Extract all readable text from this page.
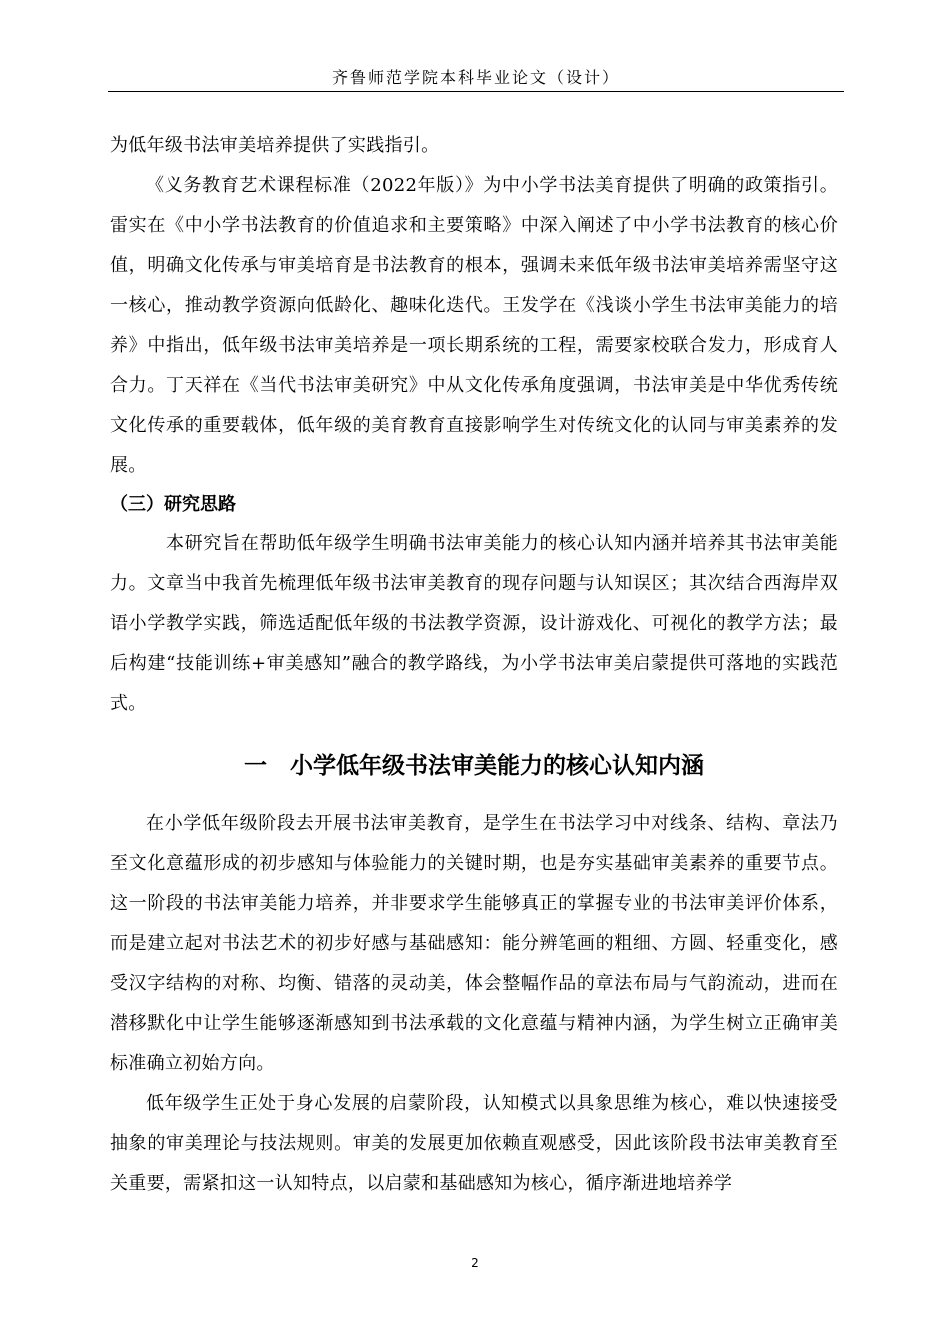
齐鲁师范学院本科毕业论文（设计）

为低年级书法审美培养提供了实践指引。

《义务教育艺术课程标准（2022年版）》为中小学书法美育提供了明确的政策指引。雷实在《中小学书法教育的价值追求和主要策略》中深入阐述了中小学书法教育的核心价值，明确文化传承与审美培育是书法教育的根本，强调未来低年级书法审美培养需坚守这一核心，推动教学资源向低龄化、趣味化迭代。王发学在《浅谈小学生书法审美能力的培养》中指出，低年级书法审美培养是一项长期系统的工程，需要家校联合发力，形成育人合力。丁天祥在《当代书法审美研究》中从文化传承角度强调，书法审美是中华优秀传统文化传承的重要载体，低年级的美育教育直接影响学生对传统文化的认同与审美素养的发展。

（三）研究思路

本研究旨在帮助低年级学生明确书法审美能力的核心认知内涵并培养其书法审美能力。文章当中我首先梳理低年级书法审美教育的现存问题与认知误区；其次结合西海岸双语小学教学实践，筛选适配低年级的书法教学资源，设计游戏化、可视化的教学方法；最后构建“技能训练+审美感知”融合的教学路线，为小学书法审美启蒙提供可落地的实践范式。

一　小学低年级书法审美能力的核心认知内涵

在小学低年级阶段去开展书法审美教育，是学生在书法学习中对线条、结构、章法乃至文化意蕴形成的初步感知与体验能力的关键时期，也是夯实基础审美素养的重要节点。这一阶段的书法审美能力培养，并非要求学生能够真正的掌握专业的书法审美评价体系，而是建立起对书法艺术的初步好感与基础感知：能分辨笔画的粗细、方圆、轻重变化，感受汉字结构的对称、均衡、错落的灵动美，体会整幅作品的章法布局与气韵流动，进而在潜移默化中让学生能够逐渐感知到书法承载的文化意蕴与精神内涵，为学生树立正确审美标准确立初始方向。

低年级学生正处于身心发展的启蒙阶段，认知模式以具象思维为核心，难以快速接受抽象的审美理论与技法规则。审美的发展更加依赖直观感受，因此该阶段书法审美教育至关重要，需紧扣这一认知特点，以启蒙和基础感知为核心，循序渐进地培养学

2
